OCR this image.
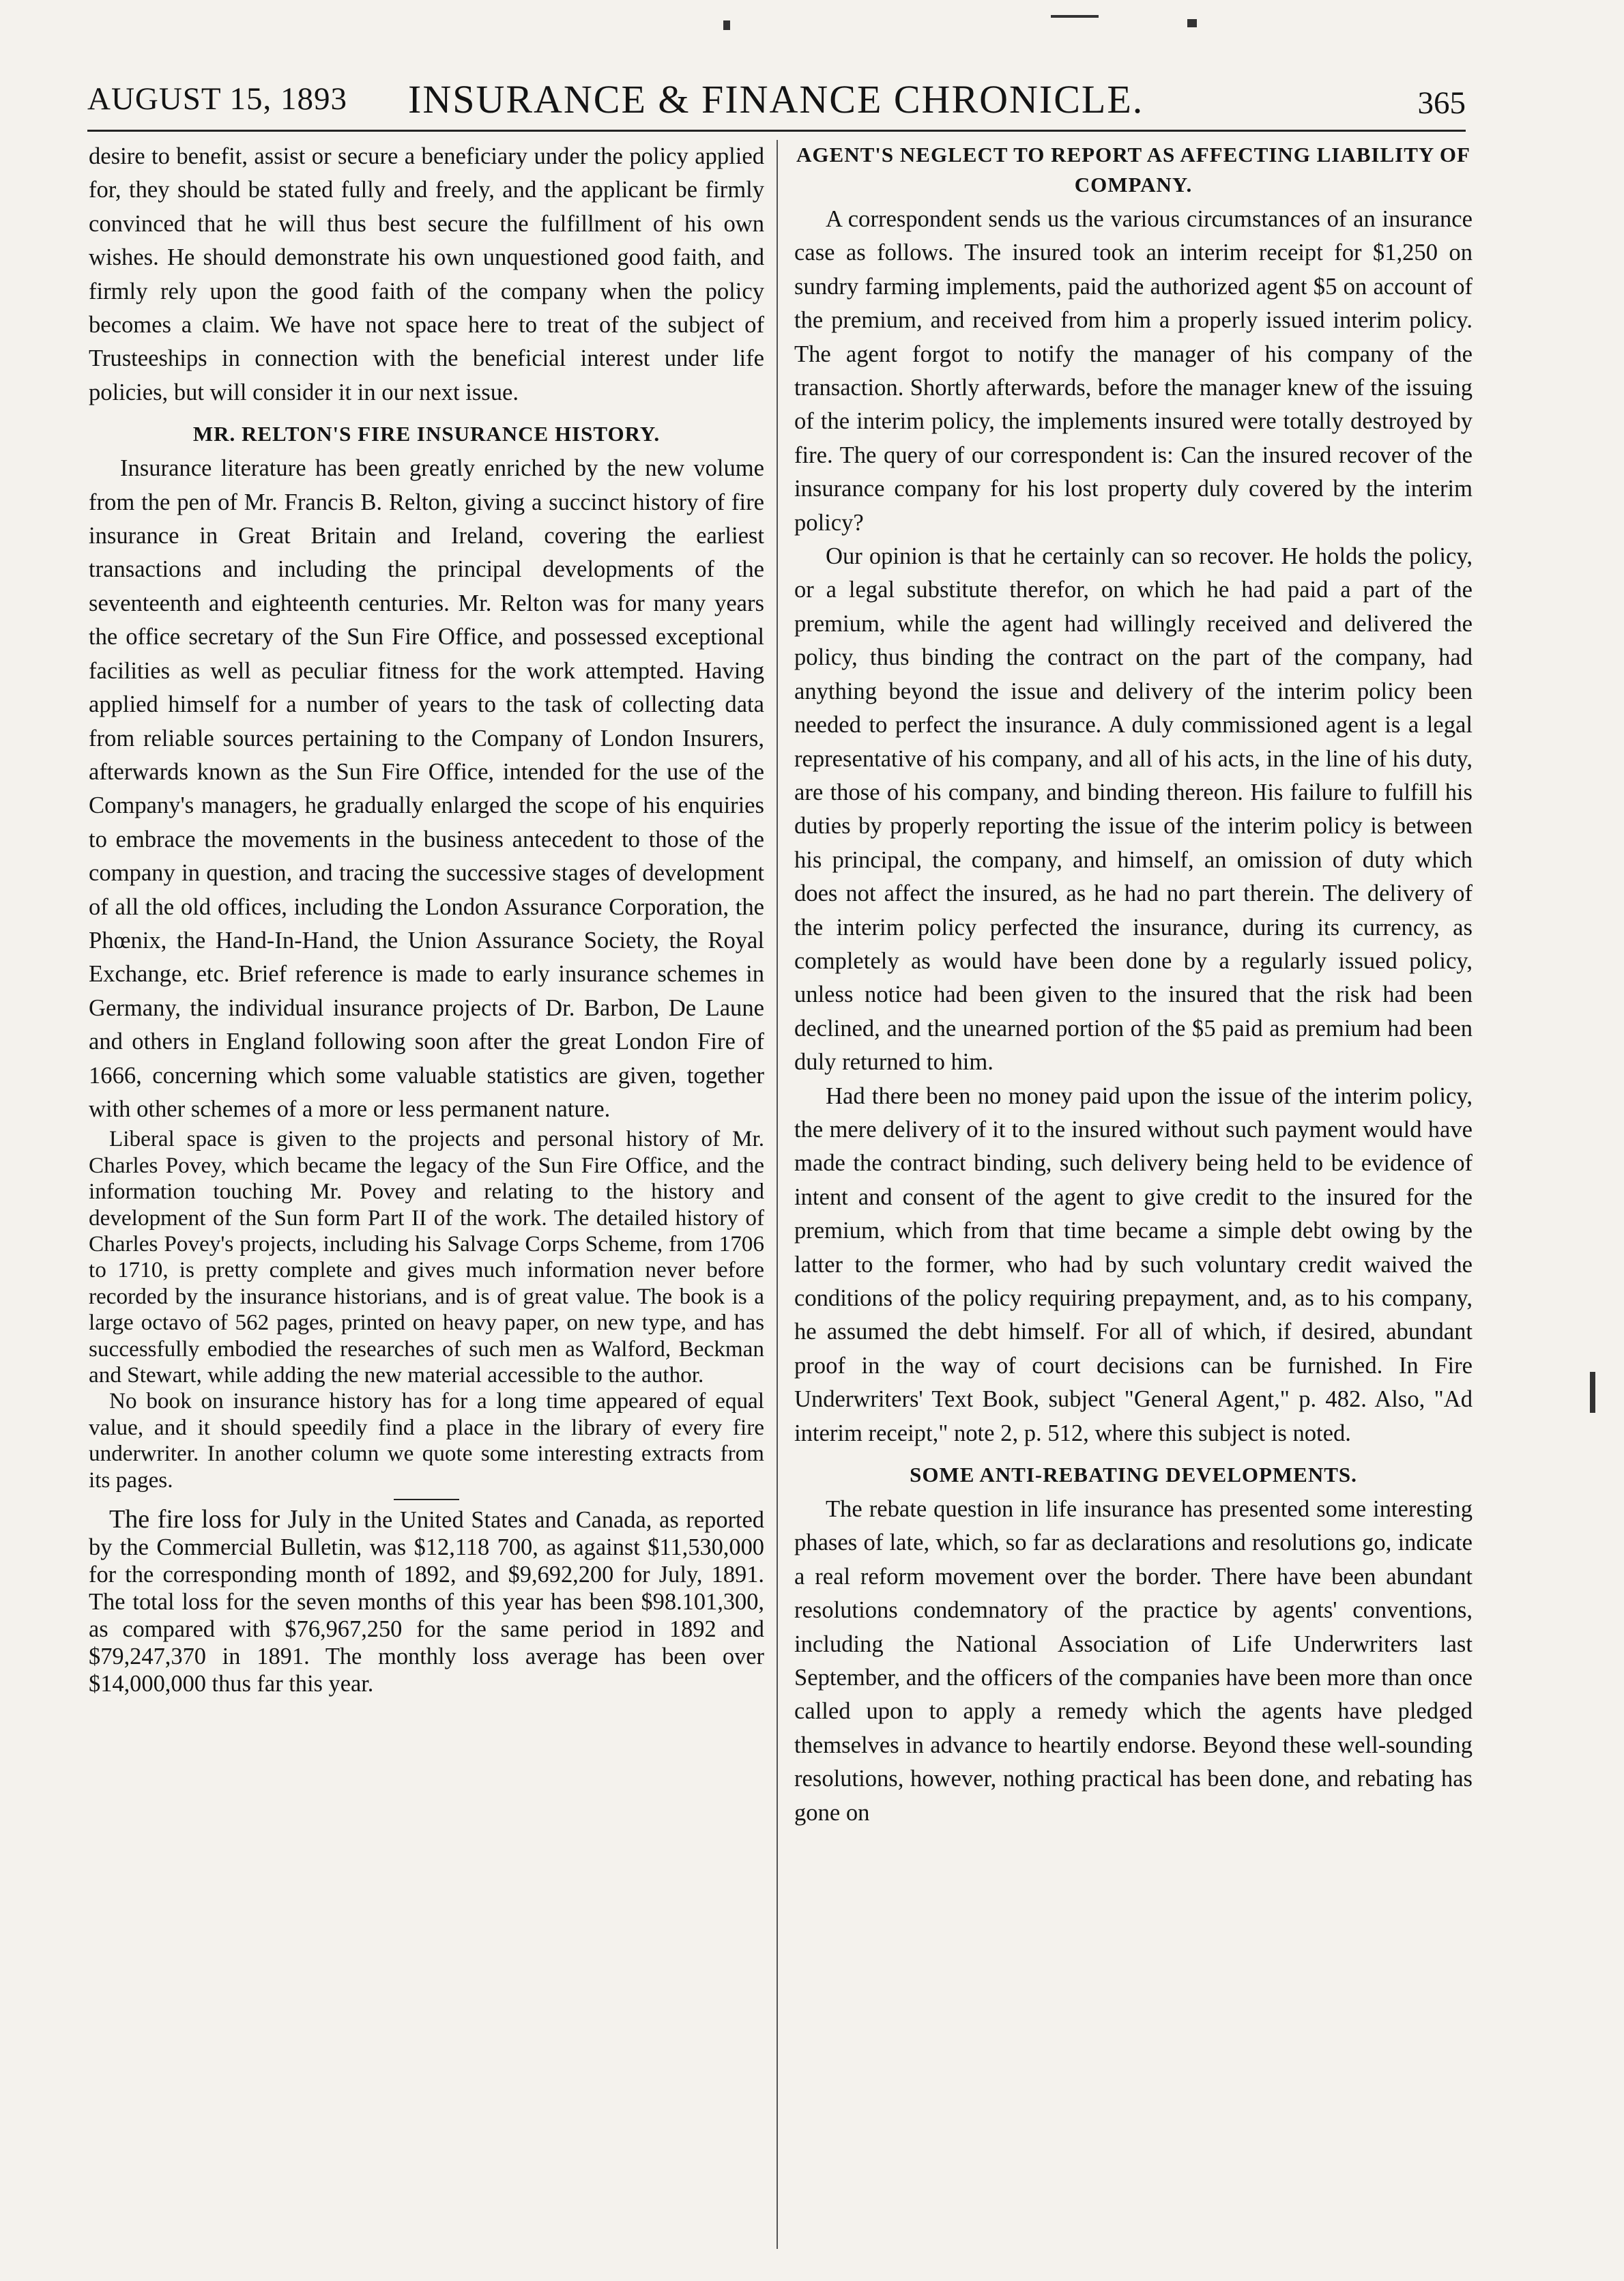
AUGUST 15, 1893 INSURANCE & FINANCE CHRONICLE.	365

desire to benefit, assist or secure a beneficiary under the policy applied for, they should be stated fully and freely, and the applicant be firmly convinced that he will thus best secure the fulfillment of his own wishes. He should demonstrate his own unquestioned good faith, and firmly rely upon the good faith of the company when the policy becomes a claim. We have not space here to treat of the subject of Trusteeships in connection with the beneficial interest under life policies, but will consider it in our next issue.

MR. RELTON'S FIRE INSURANCE HISTORY.

Insurance literature has been greatly enriched by the new volume from the pen of Mr. Francis B. Relton, giving a succinct history of fire insurance in Great Britain and Ireland, covering the earliest transactions and including the principal developments of the seventeenth and eighteenth centuries. Mr. Relton was for many years the office secretary of the Sun Fire Office, and possessed exceptional facilities as well as peculiar fitness for the work attempted. Having applied himself for a number of years to the task of collecting data from reliable sources pertaining to the Company of London Insurers, afterwards known as the Sun Fire Office, intended for the use of the Company's managers, he gradually enlarged the scope of his enquiries to embrace the movements in the business antecedent to those of the company in question, and tracing the successive stages of development of all the old offices, including the London Assurance Corporation, the Phœnix, the Hand-In-Hand, the Union Assurance Society, the Royal Exchange, etc. Brief reference is made to early insurance schemes in Germany, the individual insurance projects of Dr. Barbon, De Laune and others in England following soon after the great London Fire of 1666, concerning which some valuable statistics are given, together with other schemes of a more or less permanent nature.

Liberal space is given to the projects and personal history of Mr. Charles Povey, which became the legacy of the Sun Fire Office, and the information touching Mr. Povey and relating to the history and development of the Sun form Part II of the work. The detailed history of Charles Povey's projects, including his Salvage Corps Scheme, from 1706 to 1710, is pretty complete and gives much information never before recorded by the insurance historians, and is of great value. The book is a large octavo of 562 pages, printed on heavy paper, on new type, and has successfully embodied the researches of such men as Walford, Beckman and Stewart, while adding the new material accessible to the author.

No book on insurance history has for a long time appeared of equal value, and it should speedily find a place in the library of every fire underwriter. In another column we quote some interesting extracts from its pages.

The fire loss for July in the United States and Canada, as reported by the Commercial Bulletin, was $12,118 700, as against $11,530,000 for the corresponding month of 1892, and $9,692,200 for July, 1891. The total loss for the seven months of this year has been $98.101,300, as compared with $76,967,250 for the same period in 1892 and $79,247,370 in 1891. The monthly loss average has been over $14,000,000 thus far this year.

AGENT'S NEGLECT TO REPORT AS AFFECTING LIABILITY OF COMPANY.

A correspondent sends us the various circumstances of an insurance case as follows. The insured took an interim receipt for $1,250 on sundry farming implements, paid the authorized agent $5 on account of the premium, and received from him a properly issued interim policy. The agent forgot to notify the manager of his company of the transaction. Shortly afterwards, before the manager knew of the issuing of the interim policy, the implements insured were totally destroyed by fire. The query of our correspondent is: Can the insured recover of the insurance company for his lost property duly covered by the interim policy?

Our opinion is that he certainly can so recover. He holds the policy, or a legal substitute therefor, on which he had paid a part of the premium, while the agent had willingly received and delivered the policy, thus binding the contract on the part of the company, had anything beyond the issue and delivery of the interim policy been needed to perfect the insurance. A duly commissioned agent is a legal representative of his company, and all of his acts, in the line of his duty, are those of his company, and binding thereon. His failure to fulfill his duties by properly reporting the issue of the interim policy is between his principal, the company, and himself, an omission of duty which does not affect the insured, as he had no part therein. The delivery of the interim policy perfected the insurance, during its currency, as completely as would have been done by a regularly issued policy, unless notice had been given to the insured that the risk had been declined, and the unearned portion of the $5 paid as premium had been duly returned to him.

Had there been no money paid upon the issue of the interim policy, the mere delivery of it to the insured without such payment would have made the contract binding, such delivery being held to be evidence of intent and consent of the agent to give credit to the insured for the premium, which from that time became a simple debt owing by the latter to the former, who had by such voluntary credit waived the conditions of the policy requiring prepayment, and, as to his company, he assumed the debt himself. For all of which, if desired, abundant proof in the way of court decisions can be furnished. In Fire Underwriters' Text Book, subject "General Agent," p. 482. Also, "Ad interim receipt," note 2, p. 512, where this subject is noted.

SOME ANTI-REBATING DEVELOPMENTS.

The rebate question in life insurance has presented some interesting phases of late, which, so far as declarations and resolutions go, indicate a real reform movement over the border. There have been abundant resolutions condemnatory of the practice by agents' conventions, including the National Association of Life Underwriters last September, and the officers of the companies have been more than once called upon to apply a remedy which the agents have pledged themselves in advance to heartily endorse. Beyond these well-sounding resolutions, however, nothing practical has been done, and rebating has gone on
